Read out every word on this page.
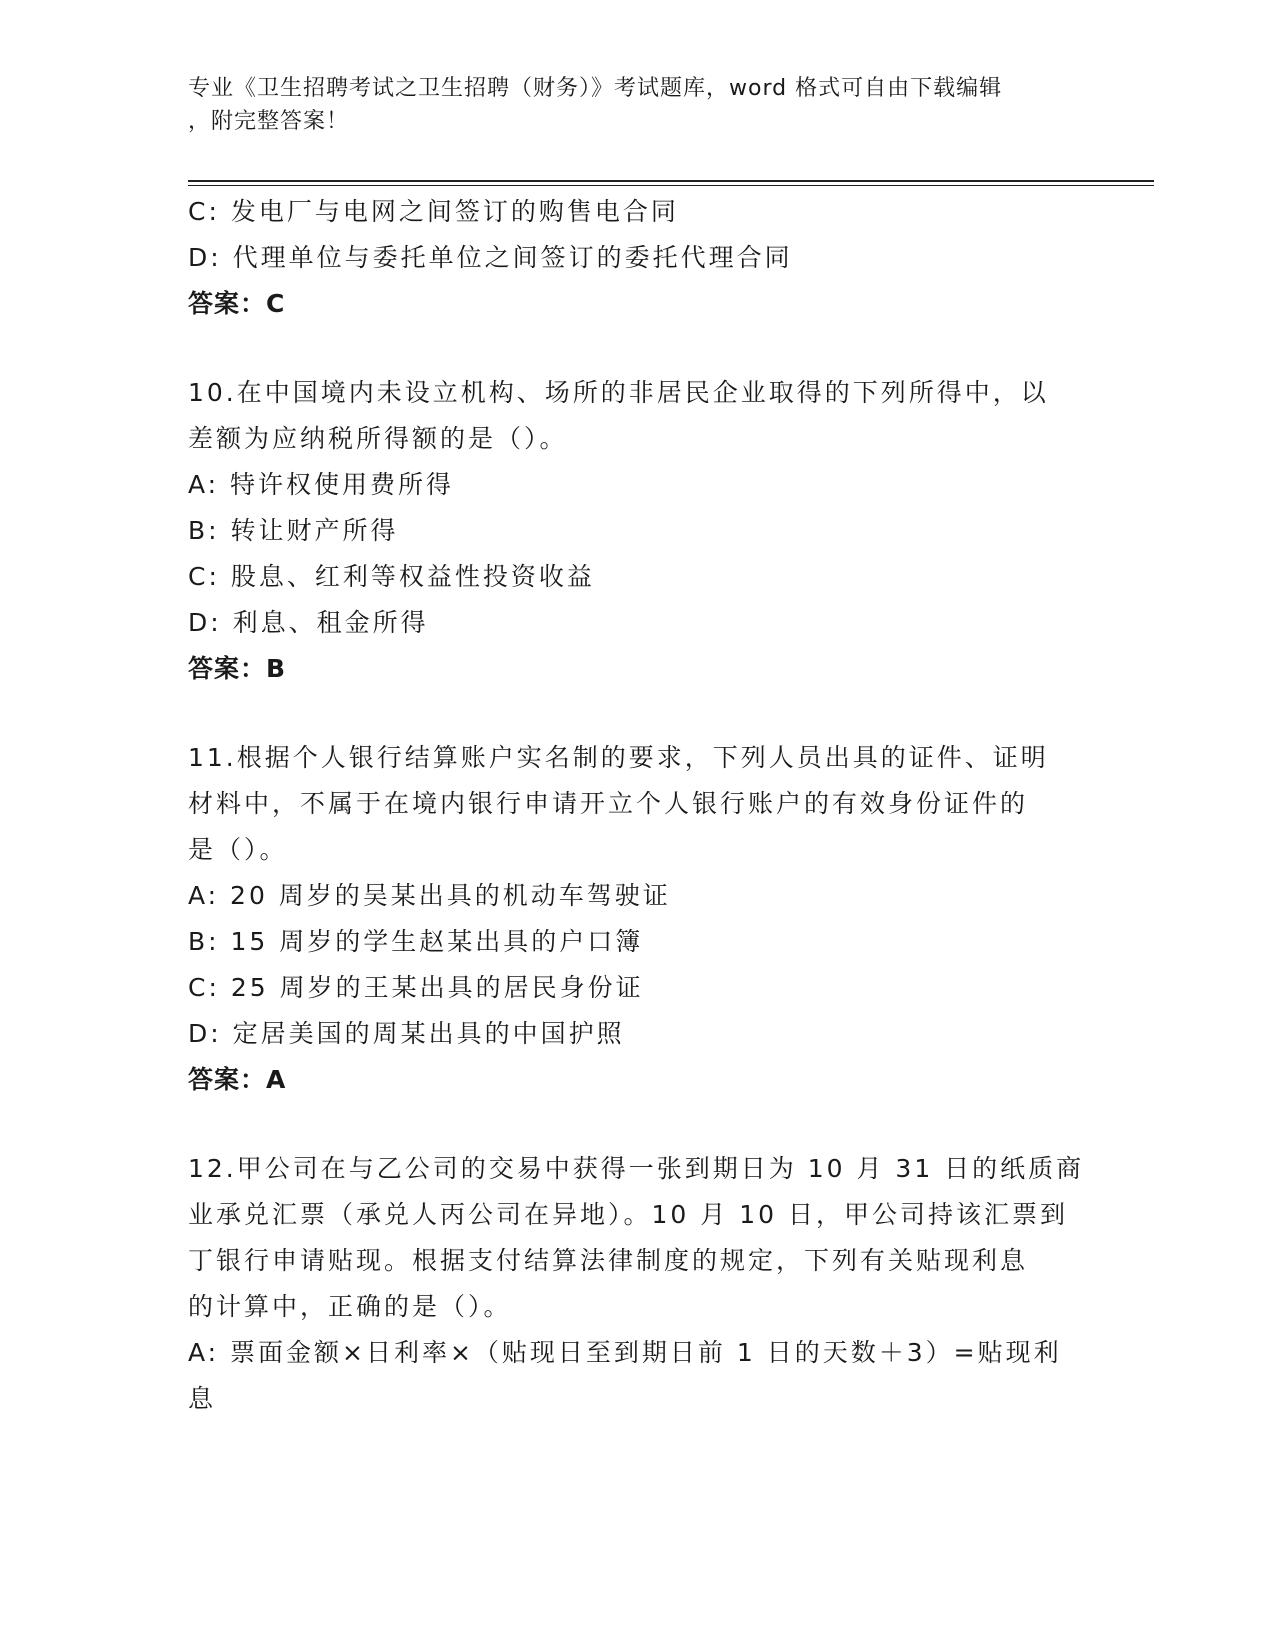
专业《卫生招聘考试之卫生招聘（财务）》考试题库，word 格式可自由下载编辑
，附完整答案！
C: 发电厂与电网之间签订的购售电合同
D: 代理单位与委托单位之间签订的委托代理合同
答案：C
10.在中国境内未设立机构、场所的非居民企业取得的下列所得中，以
差额为应纳税所得额的是（）。
A: 特许权使用费所得
B: 转让财产所得
C: 股息、红利等权益性投资收益
D: 利息、租金所得
答案：B
11.根据个人银行结算账户实名制的要求，下列人员出具的证件、证明
材料中，不属于在境内银行申请开立个人银行账户的有效身份证件的
是（）。
A: 20 周岁的吴某出具的机动车驾驶证
B: 15 周岁的学生赵某出具的户口簿
C: 25 周岁的王某出具的居民身份证
D: 定居美国的周某出具的中国护照
答案：A
12.甲公司在与乙公司的交易中获得一张到期日为 10 月 31 日的纸质商
业承兑汇票（承兑人丙公司在异地）。10 月 10 日，甲公司持该汇票到
丁银行申请贴现。根据支付结算法律制度的规定，下列有关贴现利息
的计算中，正确的是（）。
A: 票面金额×日利率×（贴现日至到期日前 1 日的天数＋3）=贴现利
息
